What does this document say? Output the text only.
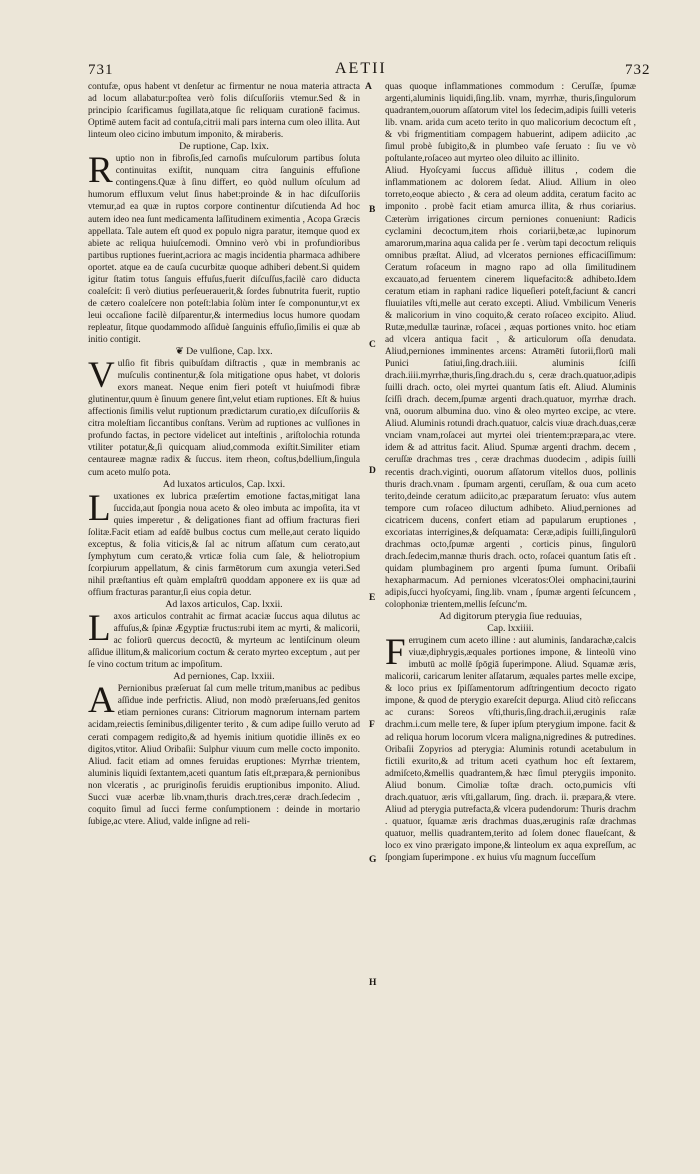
731	AETII	732
A
B
C
D
E
F
G
H

contufæ, opus habent vt denſetur ac firmentur ne noua materia attracta ad locum allabatur:poſtea verò folis diſcuſſoriis vtemur.Sed & in principio ſcarificamus ſugillata,atque ſic reliquam curationē facimus. Optimē autem facit ad contuſa,citrii mali pars interna cum oleo illita. Aut linteum oleo cicino imbutum imponito, & miraberis.

De ruptione, Cap. lxix.

Ruptio non in fibroſis,ſed carnoſis muſculorum partibus ſoluta continuitas exiſtit, nunquam citra ſanguinis effuſione contingens.Quæ à ſinu differt, eo quòd nullum oſculum ad humorum effluxum velut ſinus habet:proinde & in hac diſcuſſoriis vtemur,ad ea quæ in ruptos corpore continentur diſcutienda Ad hoc autem ideo nea ſunt medicamenta laſſitudinem eximentia , Acopa Græcis appellata. Tale autem eſt quod ex populo nigra paratur, itemque quod ex abiete ac reliqua huiuſcemodi. Omnino verò vbi in profundioribus partibus ruptiones fuerint,acriora ac magis incidentia pharmaca adhibere oportet. atque ea de cauſa cucurbitæ quoque adhiberi debent.Si quidem igitur ſtatim totus ſanguis effuſus,fuerit diſcuſſus,facilè caro diducta coaleſcit: ſi verò diutius perſeuerauerit,& ſordes ſubnutrita fuerit, ruptio de cætero coaleſcere non poteſt:labia ſolùm inter ſe componuntur,vt ex leui occaſione facilè diſparentur,& intermedius locus humore quodam repleatur, ſitque quodammodo aſſiduè ſanguinis effuſio,ſimilis ei quæ ab initio contigit.

❦ De vulſione, Cap. lxx.

Vulſio fit fibris quibuſdam diſtractis , quæ in membranis ac muſculis continentur,& ſola mitigatione opus habet, vt doloris exors maneat. Neque enim fieri poteſt vt huiuſmodi fibræ glutinentur,quum è ſinuum genere ſint,velut etiam ruptiones. Eſt & huius affectionis ſimilis velut ruptionum prædictarum curatio,ex diſcuſſoriis & citra moleſtiam ſiccantibus conſtans. Verùm ad ruptiones ac vulſiones in profundo factas, in pectore videlicet aut inteſtinis , ariſtolochia rotunda vtiliter potatur,&,ſi quicquam aliud,commoda exiſtit.Similiter etiam centaureæ magnæ radix & ſuccus. item rheon, coſtus,bdellium,ſingula cum aceto mulſo pota.

Ad luxatos articulos, Cap. lxxi.

Luxationes ex lubrica præſertim emotione factas,mitigat lana ſuccida,aut ſpongia noua aceto & oleo imbuta ac impoſita, ita vt quies imperetur , & deligationes fiant ad offium fracturas fieri ſolitæ.Facit etiam ad eaſdē bulbus coctus cum melle,aut cerato liquido exceptus, & folia viticis,& ſal ac nitrum aſſatum cum cerato,aut ſymphytum cum cerato,& vrticæ folia cum ſale, & heliotropium ſcorpiurum appellatum, & cinis farmētorum cum axungia veteri.Sed nihil præſtantius eſt quàm emplaſtrū quoddam apponere ex iis quæ ad offium fracturas parantur,ſi eius copia detur.

Ad laxos articulos, Cap. lxxii.

Laxos articulos contrahit ac firmat acaciæ ſuccus aqua dilutus ac affuſus,& ſpinæ Ægyptiæ fructus:rubi item ac myrti, & malicorii, ac foliorū quercus decoctū, & myrteum ac lentiſcinum oleum aſſidue illitum,& malicorium coctum & cerato myrteo exceptum , aut per ſe vino coctum tritum ac impoſitum.

Ad perniones, Cap. lxxiii.

APernionibus præſeruat ſal cum melle tritum,manibus ac pedibus aſſidue inde perfrictis. Aliud, non modò præſeruans,ſed genitos etiam perniones curans: Citriorum magnorum internam partem acidam,reiectis ſeminibus,diligenter terito , & cum adipe ſuillo veruto ad cerati compagem redigito,& ad hyemis initium quotidie illinēs ex eo digitos,vtitor. Aliud Oribaſii: Sulphur viuum cum melle cocto imponito. Aliud. facit etiam ad omnes feruidas eruptiones: Myrrhæ trientem, aluminis liquidi ſextantem,aceti quantum ſatis eſt,præpara,& pernionibus non vlceratis , ac pruriginoſis feruidis eruptionibus imponito. Aliud. Succi vuæ acerbæ lib.vnam,thuris drach.tres,ceræ drach.ſedecim , coquito ſimul ad ſucci ferme conſumptionem : deinde in mortario ſubige,ac vtere. Aliud, valde inſigne ad reli-

quas quoque inflammationes commodum : Ceruſſæ, ſpumæ argenti,aluminis liquidi,ſing.lib. vnam, myrrhæ, thuris,ſingulorum quadrantem,ouorum aſſatorum vitel los ſedecim,adipis ſuilli veteris lib. vnam. arida cum aceto terito in quo malicorium decoctum eſt , & vbi frigmentitiam compagem habuerint, adipem adiicito ,ac ſimul probè ſubigito,& in plumbeo vaſe ſeruato : ſiu ve vò poſtulante,roſaceo aut myrteo oleo diluito ac illinito.

Aliud. Hyoſcyami ſuccus aſſiduè illitus , codem die inflammationem ac dolorem ſedat. Aliud. Allium in oleo torreto,eoque abiecto , & cera ad oleum addita, ceratum facito ac imponito . probè facit etiam amurca illita, & rhus coriarius. Cæterùm irrigationes circum perniones conueniunt: Radicis cyclamini decoctum,item rhois coriarii,betæ,ac lupinorum amarorum,marina aqua calida per ſe . verùm tapi decoctum reliquis omnibus præſtat. Aliud, ad vlceratos perniones efficaciſſimum: Ceratum roſaceum in magno rapo ad olla ſimilitudinem excauato,ad feruentem cinerem liquefacito:& adhibeto.Idem ceratum etiam in raphani radice liqueſieri poteſt,faciunt & cancri fluuiatiles vſti,melle aut cerato excepti. Aliud. Vmbilicum Veneris & malicorium in vino coquito,& cerato roſaceo excipito. Aliud. Rutæ,medullæ taurinæ, roſacei , æquas portiones vnito. hoc etiam ad vlcera antiqua facit , & articulorum oſſa denudata. Aliud,perniones imminentes arcens: Atramēti ſutorii,florū mali Punici ſatiui,ſing.drach.iiii. aluminis ſciſſi drach.iiii.myrrhæ,thuris,ſing.drach.du s, ceræ drach.quatuor,adipis ſuilli drach. octo, olei myrtei quantum ſatis eſt. Aliud. Aluminis ſciſſi drach. decem,ſpumæ argenti drach.quatuor, myrrhæ drach. vnā, ouorum albumina duo. vino & oleo myrteo excipe, ac vtere. Aliud. Aluminis rotundi drach.quatuor, calcis viuæ drach.duas,ceræ vnciam vnam,roſacei aut myrtei olei trientem:præpara,ac vtere. idem & ad attritus facit. Aliud. Spumæ argenti drachm. decem , ceruſſæ drachmas tres , ceræ drachmas duodecim , adipis ſuilli recentis drach.viginti, ouorum aſſatorum vitellos duos, pollinis thuris drach.vnam . ſpumam argenti, ceruſſam, & oua cum aceto terito,deinde ceratum adiicito,ac præparatum ſeruato: vſus autem tempore cum roſaceo diluctum adhibeto. Aliud,perniones ad cicatricem ducens, confert etiam ad papularum eruptiones , excoriatas interrigines,& deſquamata: Ceræ,adipis ſuilli,ſingulorū drachmas octo,ſpumæ argenti , corticis pinus, ſingulorū drach.ſedecim,mannæ thuris drach. octo, roſacei quantum ſatis eſt . quidam plumbaginem pro argenti ſpuma ſumunt. Oribaſii hexapharmacum. Ad perniones vlceratos:Olei omphacini,taurini adipis,ſucci hyoſcyami, ſing.lib. vnam , ſpumæ argenti ſeſcuncem , colophoniæ trientem,mellis ſeſcunc'm.

Ad digitorum pterygia ſiue reduuias,

Cap. lxxiiii.

Ferruginem cum aceto illine : aut aluminis, ſandarachæ,calcis viuæ,diphrygis,æquales portiones impone, & linteolū vino imbutū ac mollē ſpōgiā ſuperimpone. Aliud. Squamæ æris, malicorii, caricarum leniter aſſatarum, æquales partes melle excipe, & loco prius ex ſpiſſamentorum adſtringentium decocto rigato impone, & quod de pterygio exareſcit depurga. Aliud citò reſiccans ac curans: Soreos vſti,thuris,ſing.drach.ii,æruginis raſæ drachm.i.cum melle tere, & ſuper ipſum pterygium impone. facit & ad reliqua horum locorum vlcera maligna,nigredines & putredines. Oribaſii Zopyrios ad pterygia: Aluminis rotundi acetabulum in fictili exurito,& ad tritum aceti cyathum hoc eſt ſextarem, admiſceto,&mellis quadrantem,& hæc ſimul pterygiis imponito. Aliud bonum. Cimoliæ toſtæ drach. octo,pumicis vſti drach.quatuor, æris vſti,gallarum, ſing. drach. ii. præpara,& vtere. Aliud ad pterygia putrefacta,& vlcera pudendorum: Thuris drachm . quatuor, ſquamæ æris drachmas duas,æruginis raſæ drachmas quatuor, mellis quadrantem,terito ad ſolem donec flaueſcant, & loco ex vino prærigato impone,& linteolum ex aqua expreſſum, ac ſpongiam ſuperimpone . ex huius vſu magnum ſucceſſum
